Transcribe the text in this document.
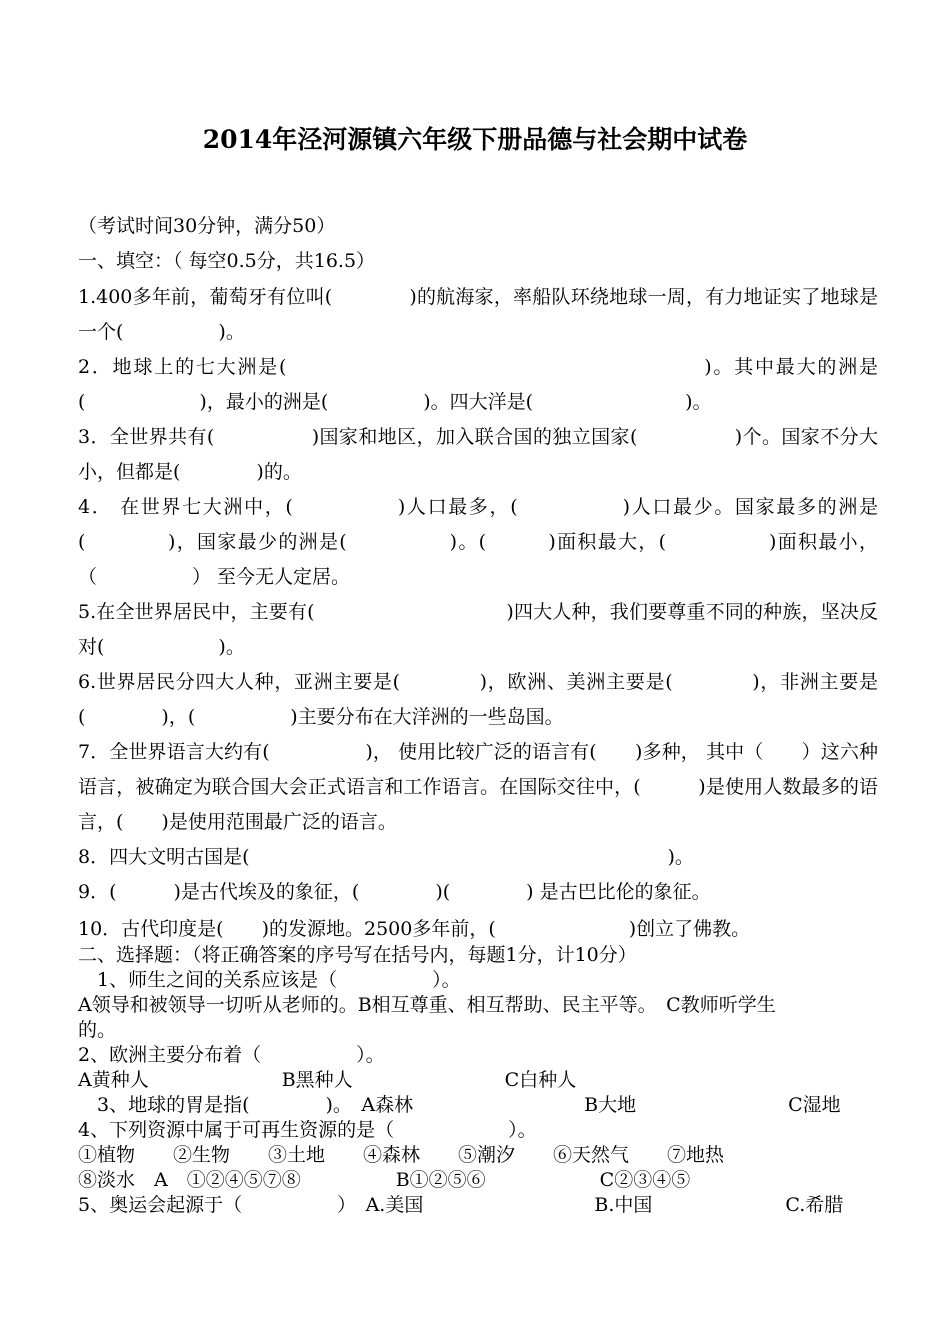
2014年泾河源镇六年级下册品德与社会期中试卷
（考试时间30分钟，满分50）
一、填空：（ 每空0.5分，共16.5）
1.400多年前，葡萄牙有位叫(　　　　)的航海家，率船队环绕地球一周，有力地证实了地球是一个(　　　　　)。
2．地球上的七大洲是(　　　　　　　　　　　　　　　　　　　　)。其中最大的洲是(　　　　　　)，最小的洲是(　　　　　)。四大洋是(　　　　　　　　)。
3．全世界共有(　　　　　)国家和地区，加入联合国的独立国家(　　　　　)个。国家不分大小，但都是(　　　　)的。
4． 在世界七大洲中，(　　　　　)人口最多，(　　　　　)人口最少。国家最多的洲是(　　　　)，国家最少的洲是(　　　　　)。(　　　)面积最大，(　　　　　)面积最小，（　　　　　） 至今无人定居。
5.在全世界居民中，主要有(　　　　　　　　　　)四大人种，我们要尊重不同的种族，坚决反对(　　　　　　)。
6.世界居民分四大人种，亚洲主要是(　　　　)，欧洲、美洲主要是(　　　　)，非洲主要是(　　　　)，(　　　　　)主要分布在大洋洲的一些岛国。
7．全世界语言大约有(　　　　　)， 使用比较广泛的语言有(　　)多种， 其中（　　）这六种语言，被确定为联合国大会正式语言和工作语言。在国际交往中，(　　　)是使用人数最多的语言，(　　)是使用范围最广泛的语言。
8．四大文明古国是(　　　　　　　　　　　　　　　　　　　　　　)。
9．(　　　)是古代埃及的象征，(　　　　)(　　　　) 是古巴比伦的象征。
10．古代印度是(　　)的发源地。2500多年前，(　　　　　　　)创立了佛教。
二、选择题：（将正确答案的序号写在括号内，每题1分，计10分）
　1、师生之间的关系应该是（　　　　　）。
A领导和被领导一切听从老师的。B相互尊重、相互帮助、民主平等。　C教师听学生
的。
2、欧洲主要分布着（　　　　　）。
A黄种人　　　　　　　B黑种人　　　　　　　　C白种人
　3、地球的胃是指(　　　　)。　A森林　　　　　　　　　B大地　　　　　　　　C湿地
4、下列资源中属于可再生资源的是（　　　　　　）。
①植物　　②生物　　③土地　　④森林　　⑤潮汐　　⑥天然气　　⑦地热
⑧淡水　A　①②④⑤⑦⑧　　　　　B①②⑤⑥　　　　　　C②③④⑤
5、奥运会起源于（　　　　　）　A.美国　　　　　　　　　B.中国　　　　　　　C.希腊
